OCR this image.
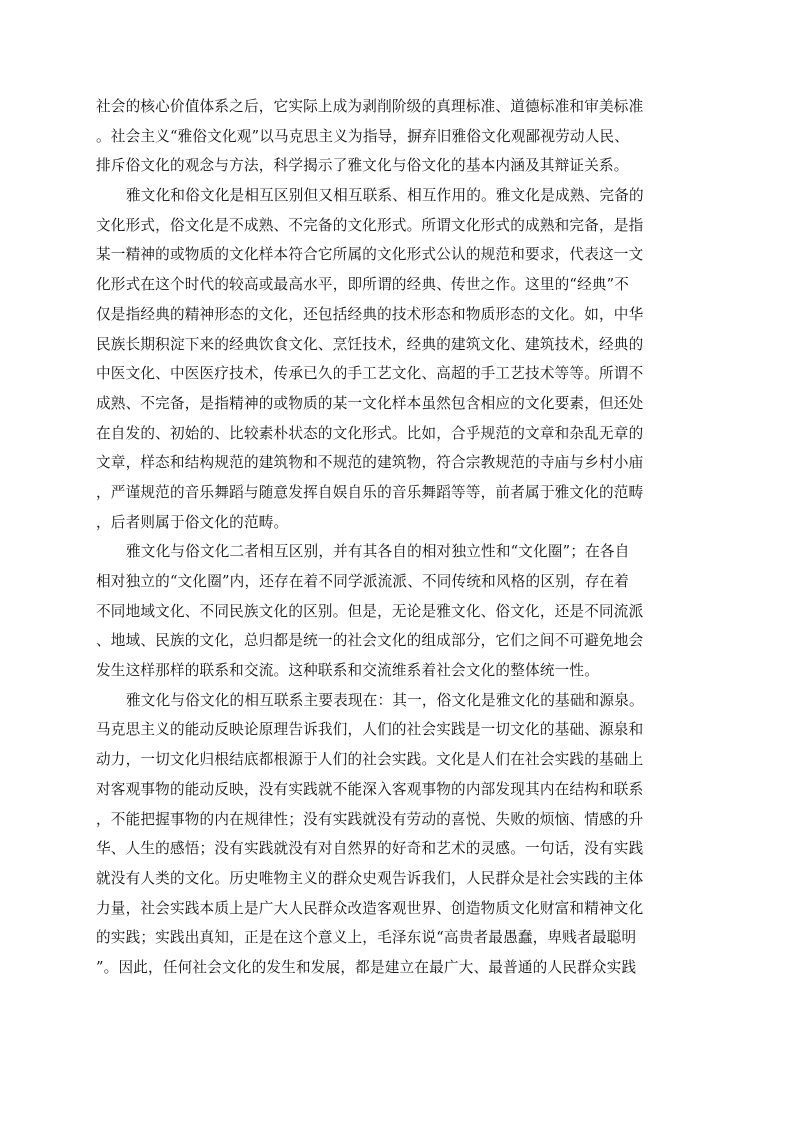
社会的核心价值体系之后，它实际上成为剥削阶级的真理标准、道德标准和审美标准
。社会主义“雅俗文化观”以马克思主义为指导，摒弃旧雅俗文化观鄙视劳动人民、
排斥俗文化的观念与方法，科学揭示了雅文化与俗文化的基本内涵及其辩证关系。
雅文化和俗文化是相互区别但又相互联系、相互作用的。雅文化是成熟、完备的
文化形式，俗文化是不成熟、不完备的文化形式。所谓文化形式的成熟和完备，是指
某一精神的或物质的文化样本符合它所属的文化形式公认的规范和要求，代表这一文
化形式在这个时代的较高或最高水平，即所谓的经典、传世之作。这里的“经典”不
仅是指经典的精神形态的文化，还包括经典的技术形态和物质形态的文化。如，中华
民族长期积淀下来的经典饮食文化、烹饪技术，经典的建筑文化、建筑技术，经典的
中医文化、中医医疗技术，传承已久的手工艺文化、高超的手工艺技术等等。所谓不
成熟、不完备，是指精神的或物质的某一文化样本虽然包含相应的文化要素，但还处
在自发的、初始的、比较素朴状态的文化形式。比如，合乎规范的文章和杂乱无章的
文章，样态和结构规范的建筑物和不规范的建筑物，符合宗教规范的寺庙与乡村小庙
，严谨规范的音乐舞蹈与随意发挥自娱自乐的音乐舞蹈等等，前者属于雅文化的范畴
，后者则属于俗文化的范畴。
雅文化与俗文化二者相互区别，并有其各自的相对独立性和“文化圈”；在各自
相对独立的“文化圈”内，还存在着不同学派流派、不同传统和风格的区别，存在着
不同地域文化、不同民族文化的区别。但是，无论是雅文化、俗文化，还是不同流派
、地域、民族的文化，总归都是统一的社会文化的组成部分，它们之间不可避免地会
发生这样那样的联系和交流。这种联系和交流维系着社会文化的整体统一性。
雅文化与俗文化的相互联系主要表现在：其一，俗文化是雅文化的基础和源泉。
马克思主义的能动反映论原理告诉我们，人们的社会实践是一切文化的基础、源泉和
动力，一切文化归根结底都根源于人们的社会实践。文化是人们在社会实践的基础上
对客观事物的能动反映，没有实践就不能深入客观事物的内部发现其内在结构和联系
，不能把握事物的内在规律性；没有实践就没有劳动的喜悦、失败的烦恼、情感的升
华、人生的感悟；没有实践就没有对自然界的好奇和艺术的灵感。一句话，没有实践
就没有人类的文化。历史唯物主义的群众史观告诉我们，人民群众是社会实践的主体
力量，社会实践本质上是广大人民群众改造客观世界、创造物质文化财富和精神文化
的实践；实践出真知，正是在这个意义上，毛泽东说“高贵者最愚蠢，卑贱者最聪明
”。因此，任何社会文化的发生和发展，都是建立在最广大、最普通的人民群众实践
